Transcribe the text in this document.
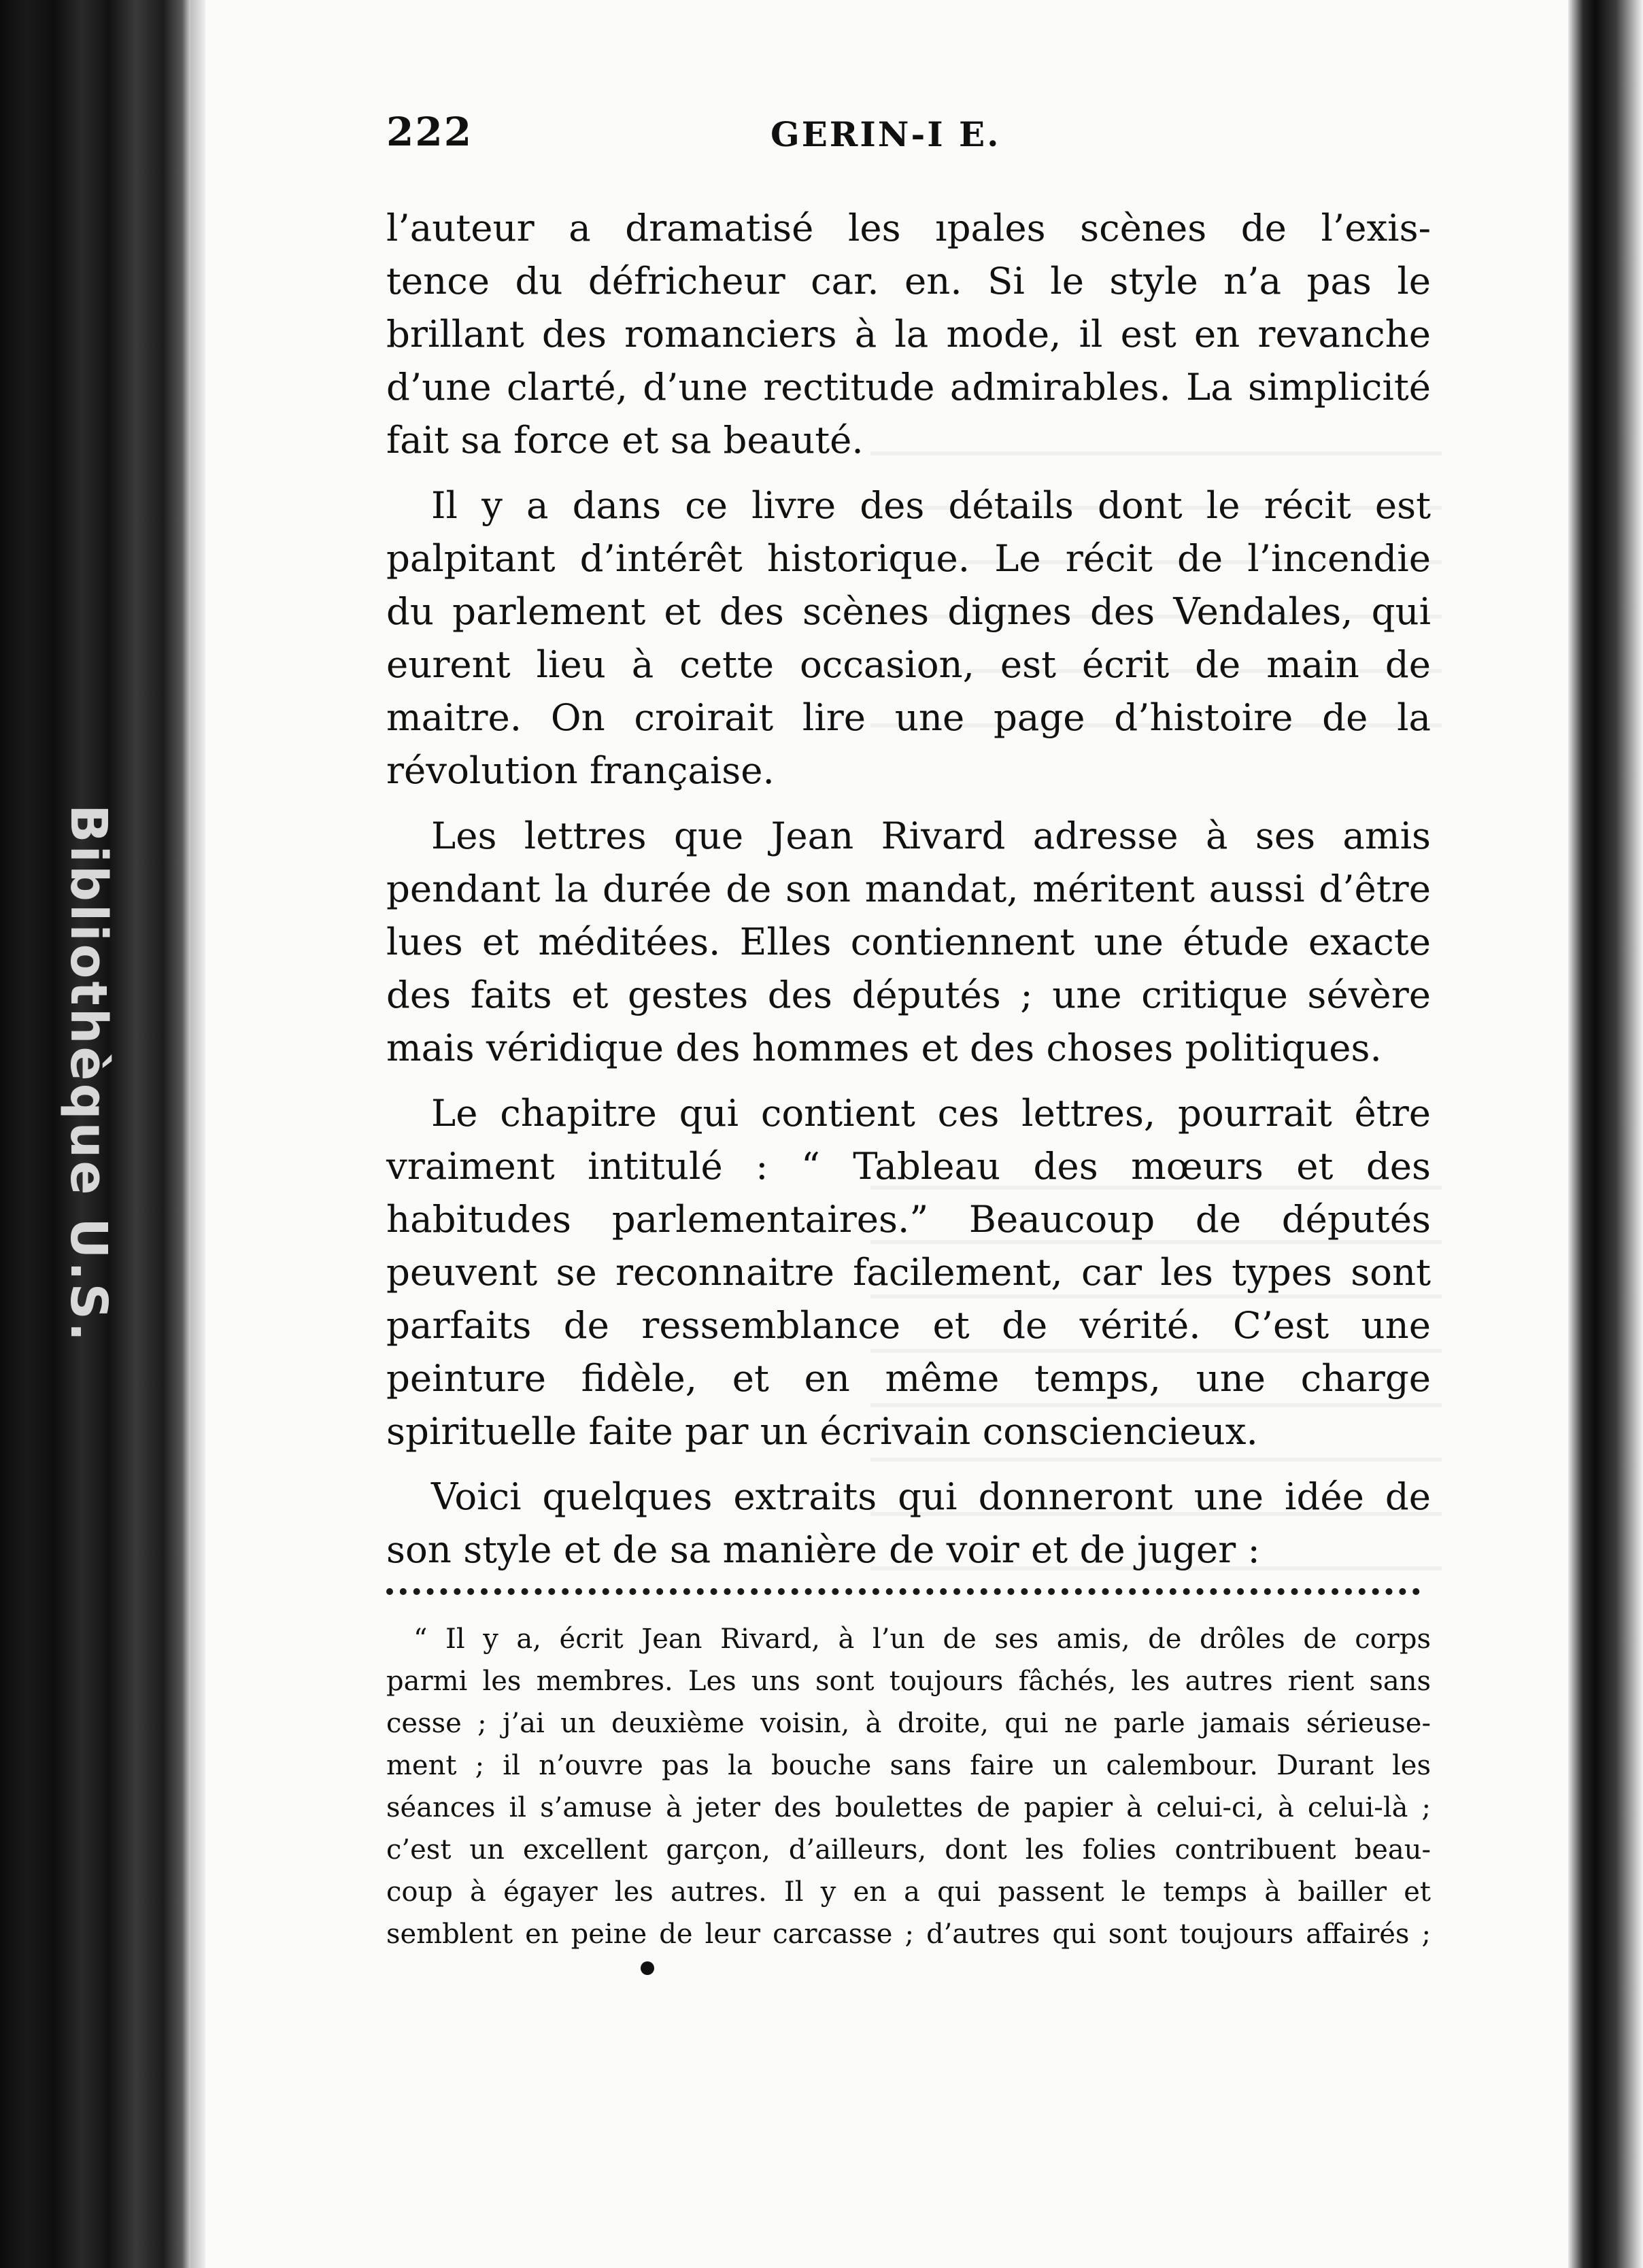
Bibliothèque U.S.
222	GERIN-I E.

l’auteur a dramatisé les ıpales scènes de l’exis-
tence du défricheur car. en. Si le style n’a pas le
brillant des romanciers à la mode, il est en revanche
d’une clarté, d’une rectitude admirables. La simplicité
fait sa force et sa beauté.

Il y a dans ce livre des détails dont le récit est
palpitant d’intérêt historique. Le récit de l’incendie
du parlement et des scènes dignes des Vendales, qui
eurent lieu à cette occasion, est écrit de main de
maitre. On croirait lire une page d’histoire de la
révolution française.

Les lettres que Jean Rivard adresse à ses amis
pendant la durée de son mandat, méritent aussi d’être
lues et méditées. Elles contiennent une étude exacte
des faits et gestes des députés ; une critique sévère
mais véridique des hommes et des choses politiques.

Le chapitre qui contient ces lettres, pourrait être
vraiment intitulé : “ Tableau des mœurs et des
habitudes parlementaires.” Beaucoup de députés
peuvent se reconnaitre facilement, car les types sont
parfaits de ressemblance et de vérité. C’est une
peinture fidèle, et en même temps, une charge
spirituelle faite par un écrivain consciencieux.

Voici quelques extraits qui donneront une idée de
son style et de sa manière de voir et de juger :

“ Il y a, écrit Jean Rivard, à l’un de ses amis, de drôles de corps
parmi les membres. Les uns sont toujours fâchés, les autres rient sans
cesse ; j’ai un deuxième voisin, à droite, qui ne parle jamais sérieuse-
ment ; il n’ouvre pas la bouche sans faire un calembour. Durant les
séances il s’amuse à jeter des boulettes de papier à celui-ci, à celui-là ;
c’est un excellent garçon, d’ailleurs, dont les folies contribuent beau-
coup à égayer les autres. Il y en a qui passent le temps à bailler et
semblent en peine de leur carcasse ; d’autres qui sont toujours affairés ;
